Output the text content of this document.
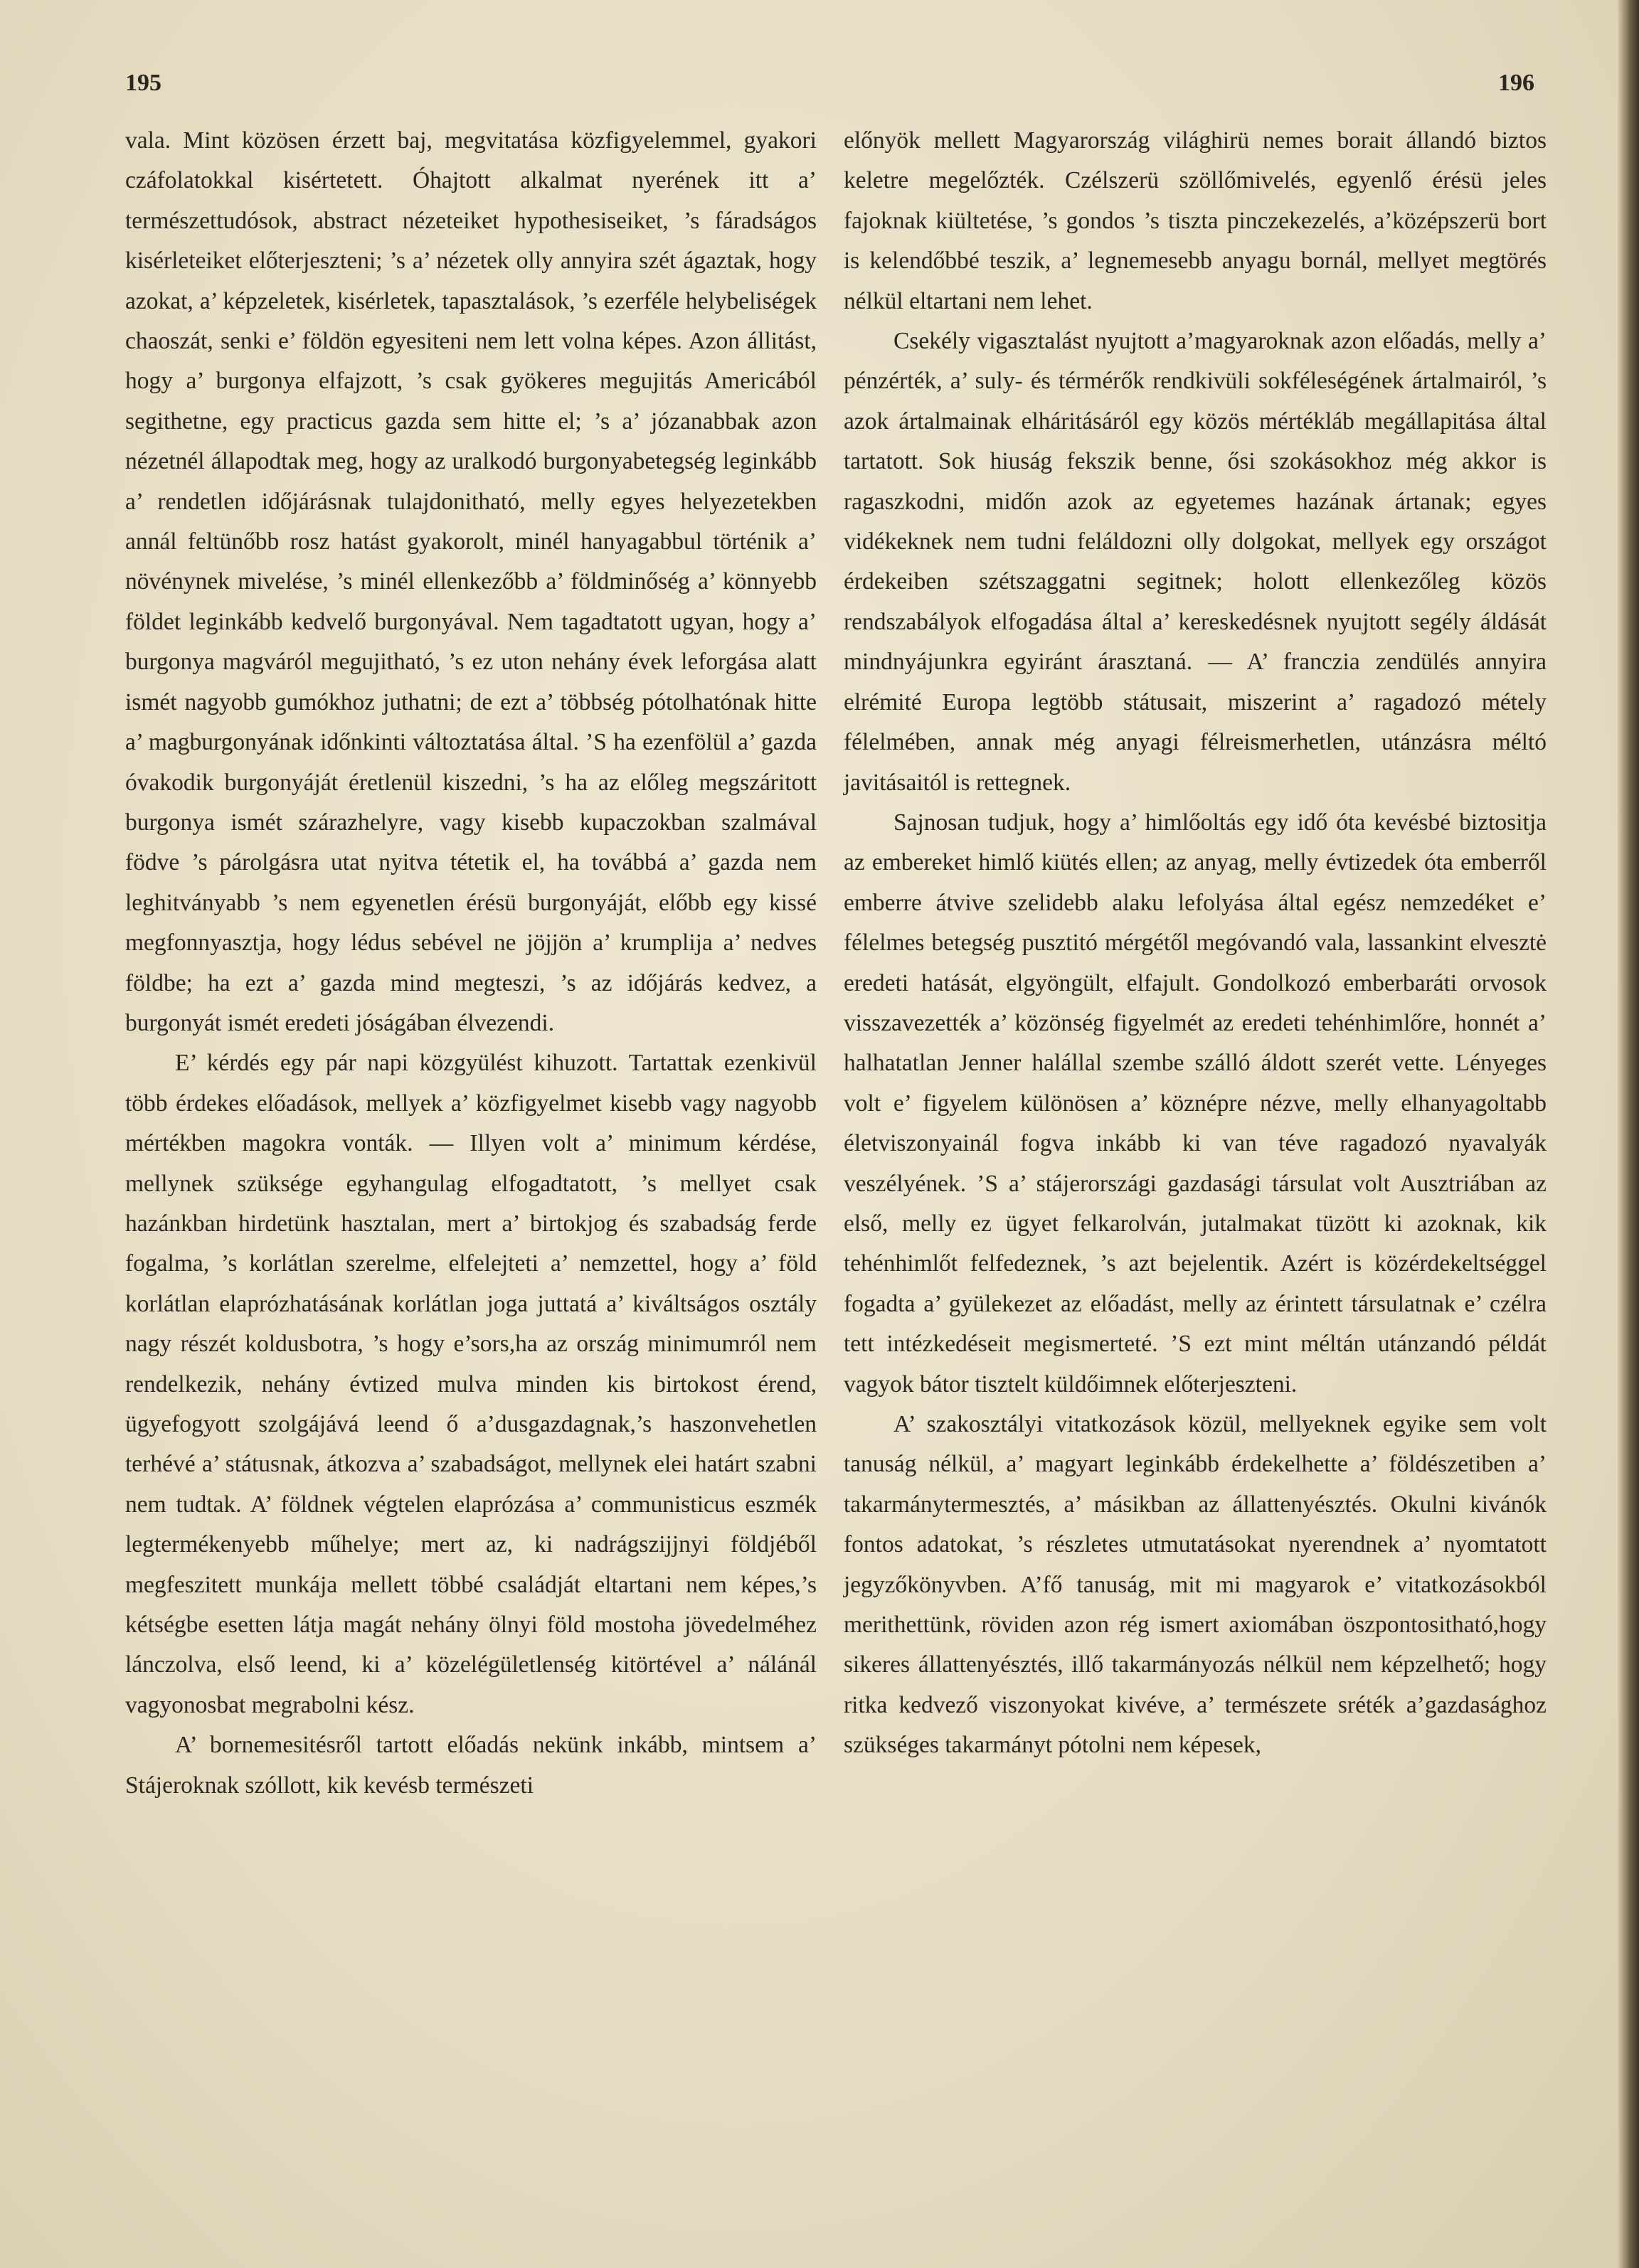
195	196

vala. Mint közösen érzett baj, megvitatása közfigyelemmel, gyakori czáfolatokkal kisértetett. Óhajtott alkalmat nyerének itt a’ természettudósok, abstract nézeteiket hypothesiseiket, ’s fáradságos kisérleteiket előterjeszteni; ’s a’ nézetek olly annyira szét ágaztak, hogy azokat, a’ képzeletek, kisérletek, tapasztalások, ’s ezerféle helybeliségek chaoszát, senki e’ földön egyesiteni nem lett volna képes. Azon állitást, hogy a’ burgonya elfajzott, ’s csak gyökeres megujitás Americából segithetne, egy practicus gazda sem hitte el; ’s a’ józanabbak azon nézetnél állapodtak meg, hogy az uralkodó burgonyabetegség leginkább a’ rendetlen időjárásnak tulajdonitható, melly egyes helyezetekben annál feltünőbb rosz hatást gyakorolt, minél hanyagabbul történik a’ növénynek mivelése, ’s minél ellenkezőbb a’ földminőség a’ könnyebb földet leginkább kedvelő burgonyával. Nem tagadtatott ugyan, hogy a’ burgonya magváról megujitható, ’s ez uton nehány évek leforgása alatt ismét nagyobb gumókhoz juthatni; de ezt a’ többség pótolhatónak hitte a’ magburgonyának időnkinti változtatása által. ’S ha ezenfölül a’ gazda óvakodik burgonyáját éretlenül kiszedni, ’s ha az előleg megszáritott burgonya ismét szárazhelyre, vagy kisebb kupaczokban szalmával födve ’s párolgásra utat nyitva tétetik el, ha továbbá a’ gazda nem leghitványabb ’s nem egyenetlen érésü burgonyáját, előbb egy kissé megfonnyasztja, hogy lédus sebével ne jöjjön a’ krumplija a’ nedves földbe; ha ezt a’ gazda mind megteszi, ’s az időjárás kedvez, a burgonyát ismét eredeti jóságában élvezendi.

E’ kérdés egy pár napi közgyülést kihuzott. Tartattak ezenkivül több érdekes előadások, mellyek a’ közfigyelmet kisebb vagy nagyobb mértékben magokra vonták. — Illyen volt a’ minimum kérdése, mellynek szüksége egyhangulag elfogadtatott, ’s mellyet csak hazánkban hirdetünk hasztalan, mert a’ birtokjog és szabadság ferde fogalma, ’s korlátlan szerelme, elfelejteti a’ nemzettel, hogy a’ föld korlátlan elaprózhatásának korlátlan joga juttatá a’ kiváltságos osztály nagy részét koldusbotra, ’s hogy e’sors,ha az ország minimumról nem rendelkezik, nehány évtized mulva minden kis birtokost érend, ügyefogyott szolgájává leend ő a’dusgazdagnak,’s haszonvehetlen terhévé a’ státusnak, átkozva a’ szabadságot, mellynek elei határt szabni nem tudtak. A’ földnek végtelen elaprózása a’ communisticus eszmék legtermékenyebb műhelye; mert az, ki nadrágszijjnyi földjéből megfeszitett munkája mellett többé családját eltartani nem képes,’s kétségbe esetten látja magát nehány ölnyi föld mostoha jövedelméhez lánczolva, első leend, ki a’ közelégületlenség kitörtével a’ nálánál vagyonosbat megrabolni kész.

A’ bornemesitésről tartott előadás nekünk inkább, mintsem a’ Stájeroknak szóllott, kik kevésb természeti

előnyök mellett Magyarország világhirü nemes borait állandó biztos keletre megelőzték. Czélszerü szöllőmivelés, egyenlő érésü jeles fajoknak kiültetése, ’s gondos ’s tiszta pinczekezelés, a’középszerü bort is kelendőbbé teszik, a’ legnemesebb anyagu bornál, mellyet megtörés nélkül eltartani nem lehet.

Csekély vigasztalást nyujtott a’magyaroknak azon előadás, melly a’ pénzérték, a’ suly- és térmérők rendkivüli sokféleségének ártalmairól, ’s azok ártalmainak elháritásáról egy közös mértékláb megállapitása által tartatott. Sok hiuság fekszik benne, ősi szokásokhoz még akkor is ragaszkodni, midőn azok az egyetemes hazának ártanak; egyes vidékeknek nem tudni feláldozni olly dolgokat, mellyek egy országot érdekeiben szétszaggatni segitnek; holott ellenkezőleg közös rendszabályok elfogadása által a’ kereskedésnek nyujtott segély áldását mindnyájunkra egyiránt árasztaná. — A’ franczia zendülés annyira elrémité Europa legtöbb státusait, miszerint a’ ragadozó métely félelmében, annak még anyagi félreismerhetlen, utánzásra méltó javitásaitól is rettegnek.

Sajnosan tudjuk, hogy a’ himlőoltás egy idő óta kevésbé biztositja az embereket himlő kiütés ellen; az anyag, melly évtizedek óta emberről emberre átvive szelidebb alaku lefolyása által egész nemzedéket e’ félelmes betegség pusztitó mérgétől megóvandó vala, lassankint elvesztė eredeti hatását, elgyöngült, elfajult. Gondolkozó emberbaráti orvosok visszavezették a’ közönség figyelmét az eredeti tehénhimlőre, honnét a’ halhatatlan Jenner halállal szembe szálló áldott szerét vette. Lényeges volt e’ figyelem különösen a’ köznépre nézve, melly elhanyagoltabb életviszonyainál fogva inkább ki van téve ragadozó nyavalyák veszélyének. ’S a’ stájerországi gazdasági társulat volt Ausztriában az első, melly ez ügyet felkarolván, jutalmakat tüzött ki azoknak, kik tehénhimlőt felfedeznek, ’s azt bejelentik. Azért is közérdekeltséggel fogadta a’ gyülekezet az előadást, melly az érintett társulatnak e’ czélra tett intézkedéseit megismerteté. ’S ezt mint méltán utánzandó példát vagyok bátor tisztelt küldőimnek előterjeszteni.

A’ szakosztályi vitatkozások közül, mellyeknek egyike sem volt tanuság nélkül, a’ magyart leginkább érdekelhette a’ földészetiben a’ takarmánytermesztés, a’ másikban az állattenyésztés. Okulni kivánók fontos adatokat, ’s részletes utmutatásokat nyerendnek a’ nyomtatott jegyzőkönyvben. A’fő tanuság, mit mi magyarok e’ vitatkozásokból merithettünk, röviden azon rég ismert axiomában öszpontositható,hogy sikeres állattenyésztés, illő takarmányozás nélkül nem képzelhető; hogy ritka kedvező viszonyokat kivéve, a’ természete sréték a’gazdasághoz szükséges takarmányt pótolni nem képesek,
